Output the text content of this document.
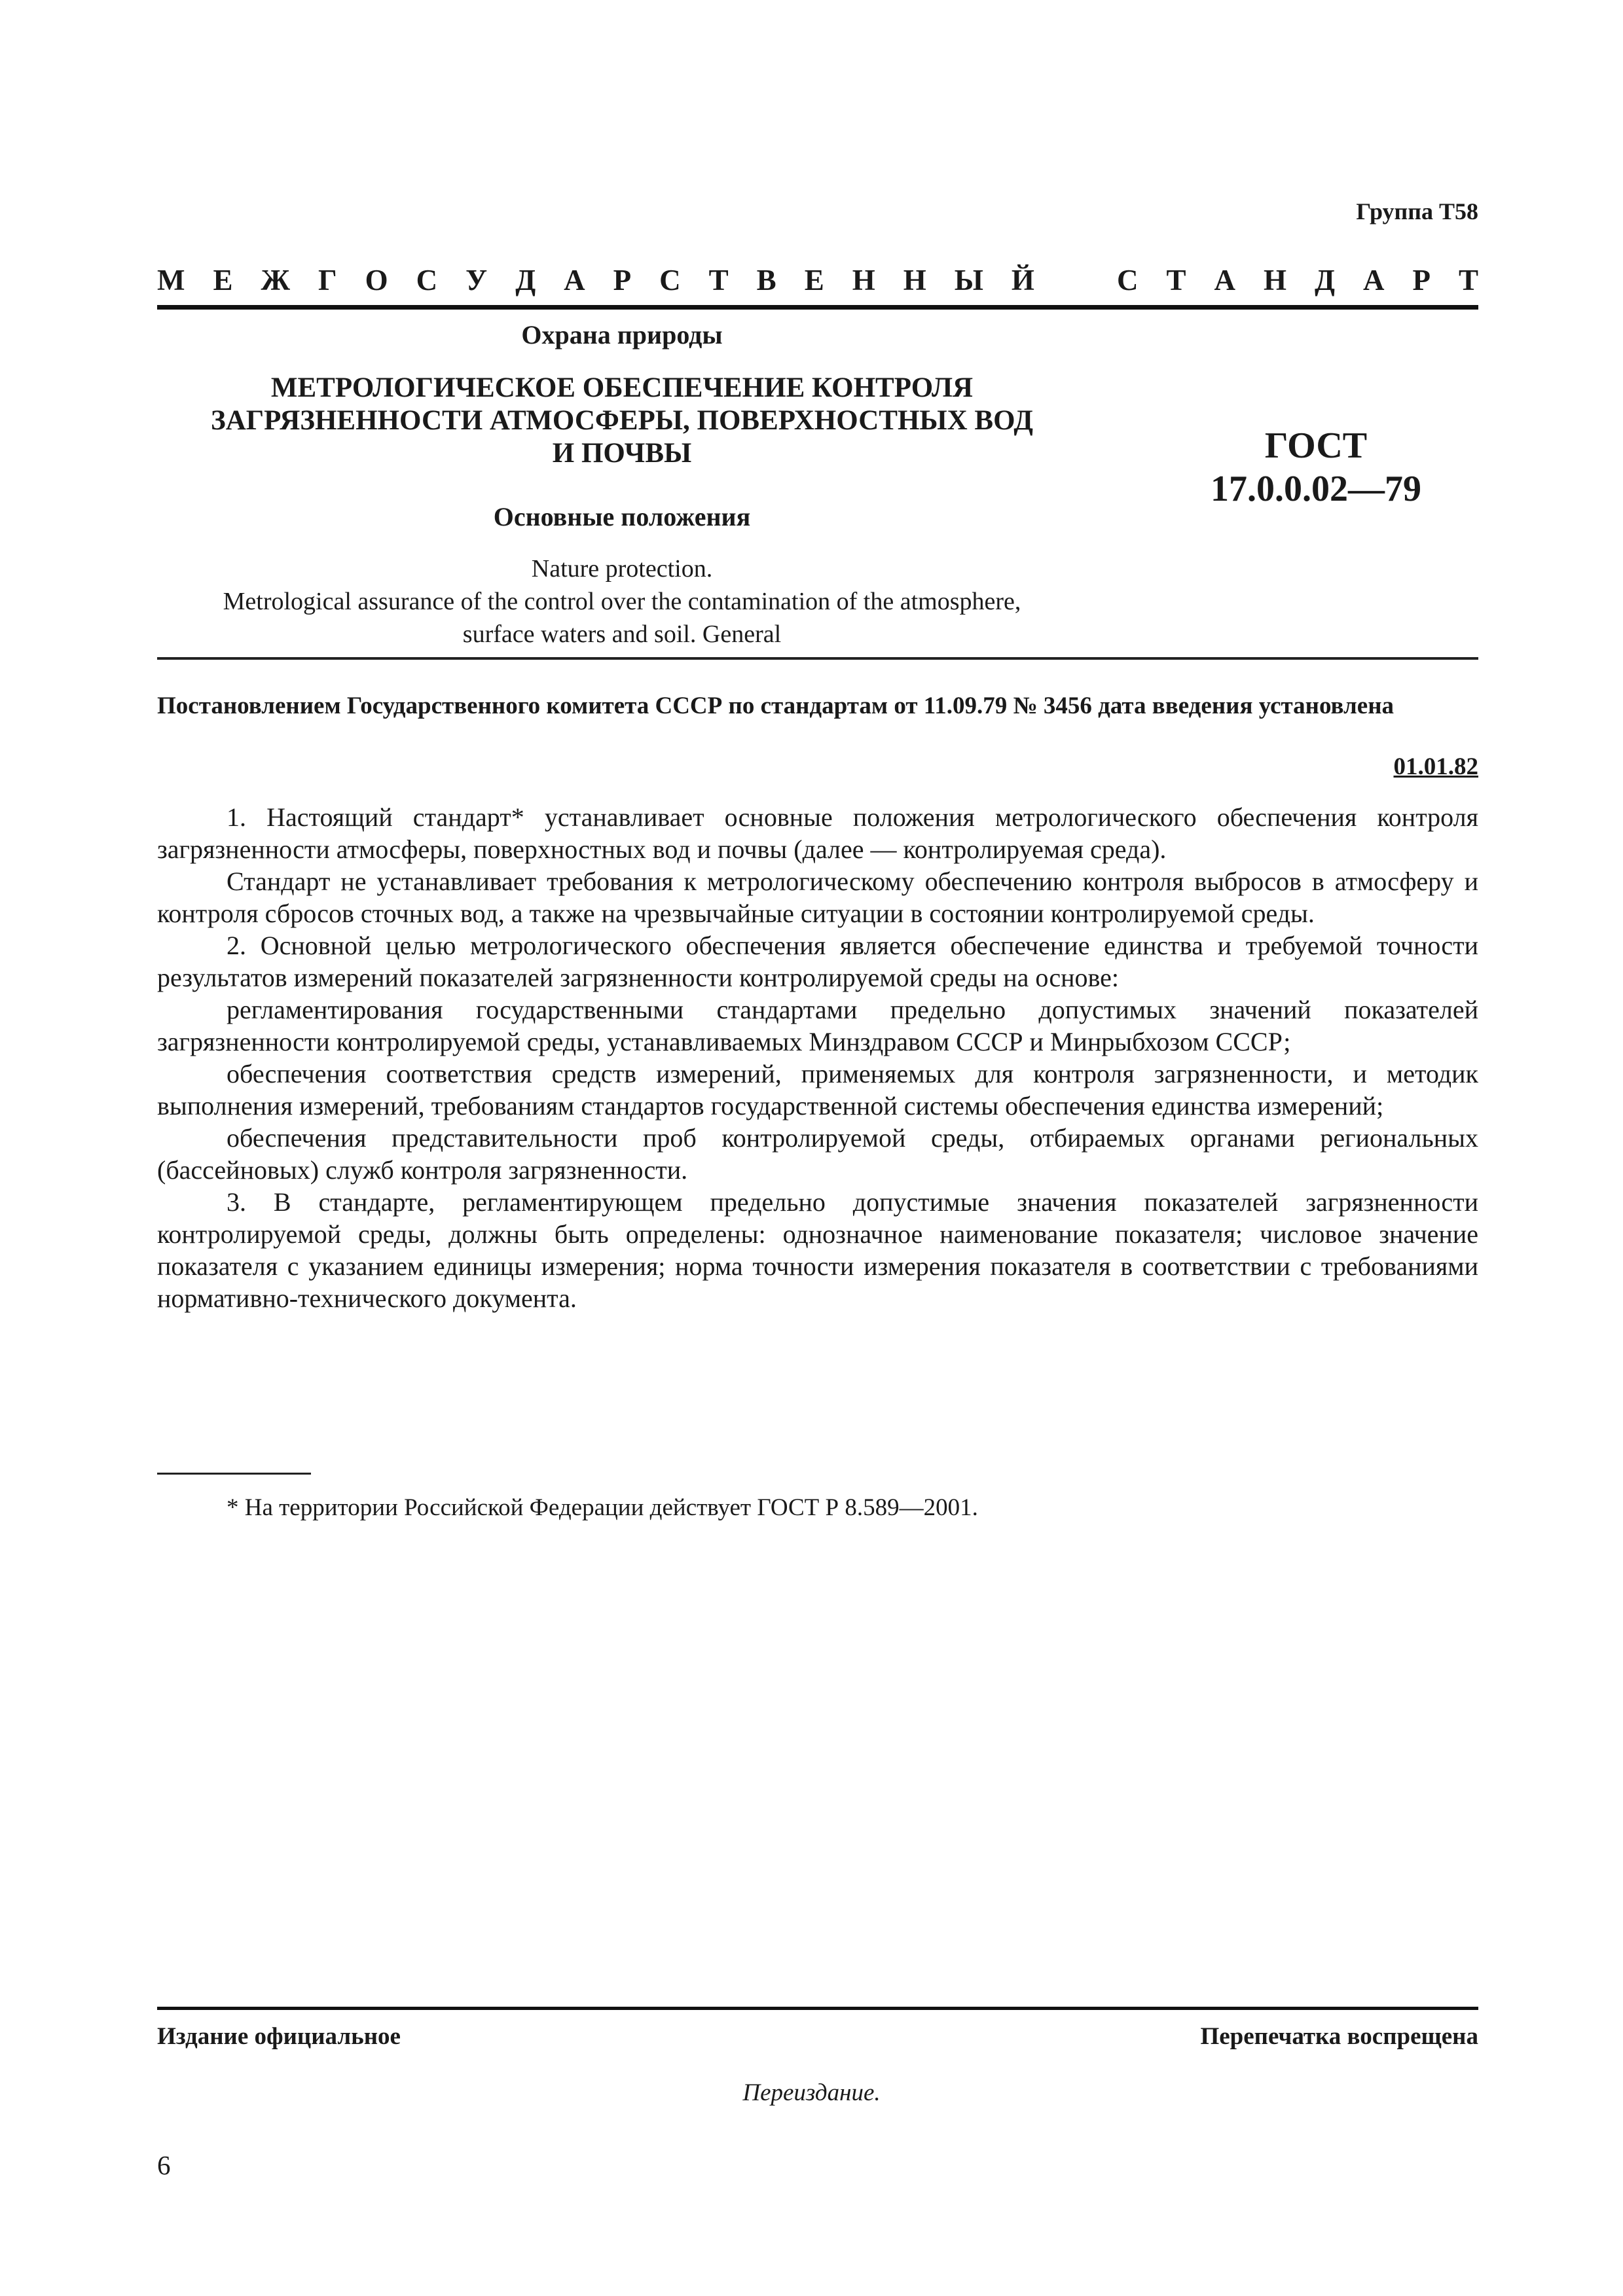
Группа Т58
М Е Ж Г О С У Д А Р С Т В Е Н Н Ы Й	С Т А Н Д А Р Т
Охрана природы
МЕТРОЛОГИЧЕСКОЕ ОБЕСПЕЧЕНИЕ КОНТРОЛЯ
ЗАГРЯЗНЕННОСТИ АТМОСФЕРЫ, ПОВЕРХНОСТНЫХ ВОД
И ПОЧВЫ
Основные положения
Nature protection.
Metrological assurance of the control over the contamination of the atmosphere,
surface waters and soil. General
ГОСТ
17.0.0.02—79
Постановлением Государственного комитета СССР по стандартам от 11.09.79 № 3456 дата введения установлена
01.01.82

1. Настоящий стандарт* устанавливает основные положения метрологического обеспечения контроля загрязненности атмосферы, поверхностных вод и почвы (далее — контролируемая среда).

Стандарт не устанавливает требования к метрологическому обеспечению контроля выбросов в атмосферу и контроля сбросов сточных вод, а также на чрезвычайные ситуации в состоянии контролируемой среды.

2. Основной целью метрологического обеспечения является обеспечение единства и требуемой точности результатов измерений показателей загрязненности контролируемой среды на основе:

регламентирования государственными стандартами предельно допустимых значений показателей загрязненности контролируемой среды, устанавливаемых Минздравом СССР и Минрыбхозом СССР;

обеспечения соответствия средств измерений, применяемых для контроля загрязненности, и методик выполнения измерений, требованиям стандартов государственной системы обеспечения единства измерений;

обеспечения представительности проб контролируемой среды, отбираемых органами региональных (бассейновых) служб контроля загрязненности.

3. В стандарте, регламентирующем предельно допустимые значения показателей загрязненности контролируемой среды, должны быть определены: однозначное наименование показателя; числовое значение показателя с указанием единицы измерения; норма точности измерения показателя в соответствии с требованиями нормативно-технического документа.

* На территории Российской Федерации действует ГОСТ Р 8.589—2001.
Издание официальное	Перепечатка воспрещена
Переиздание.
6
